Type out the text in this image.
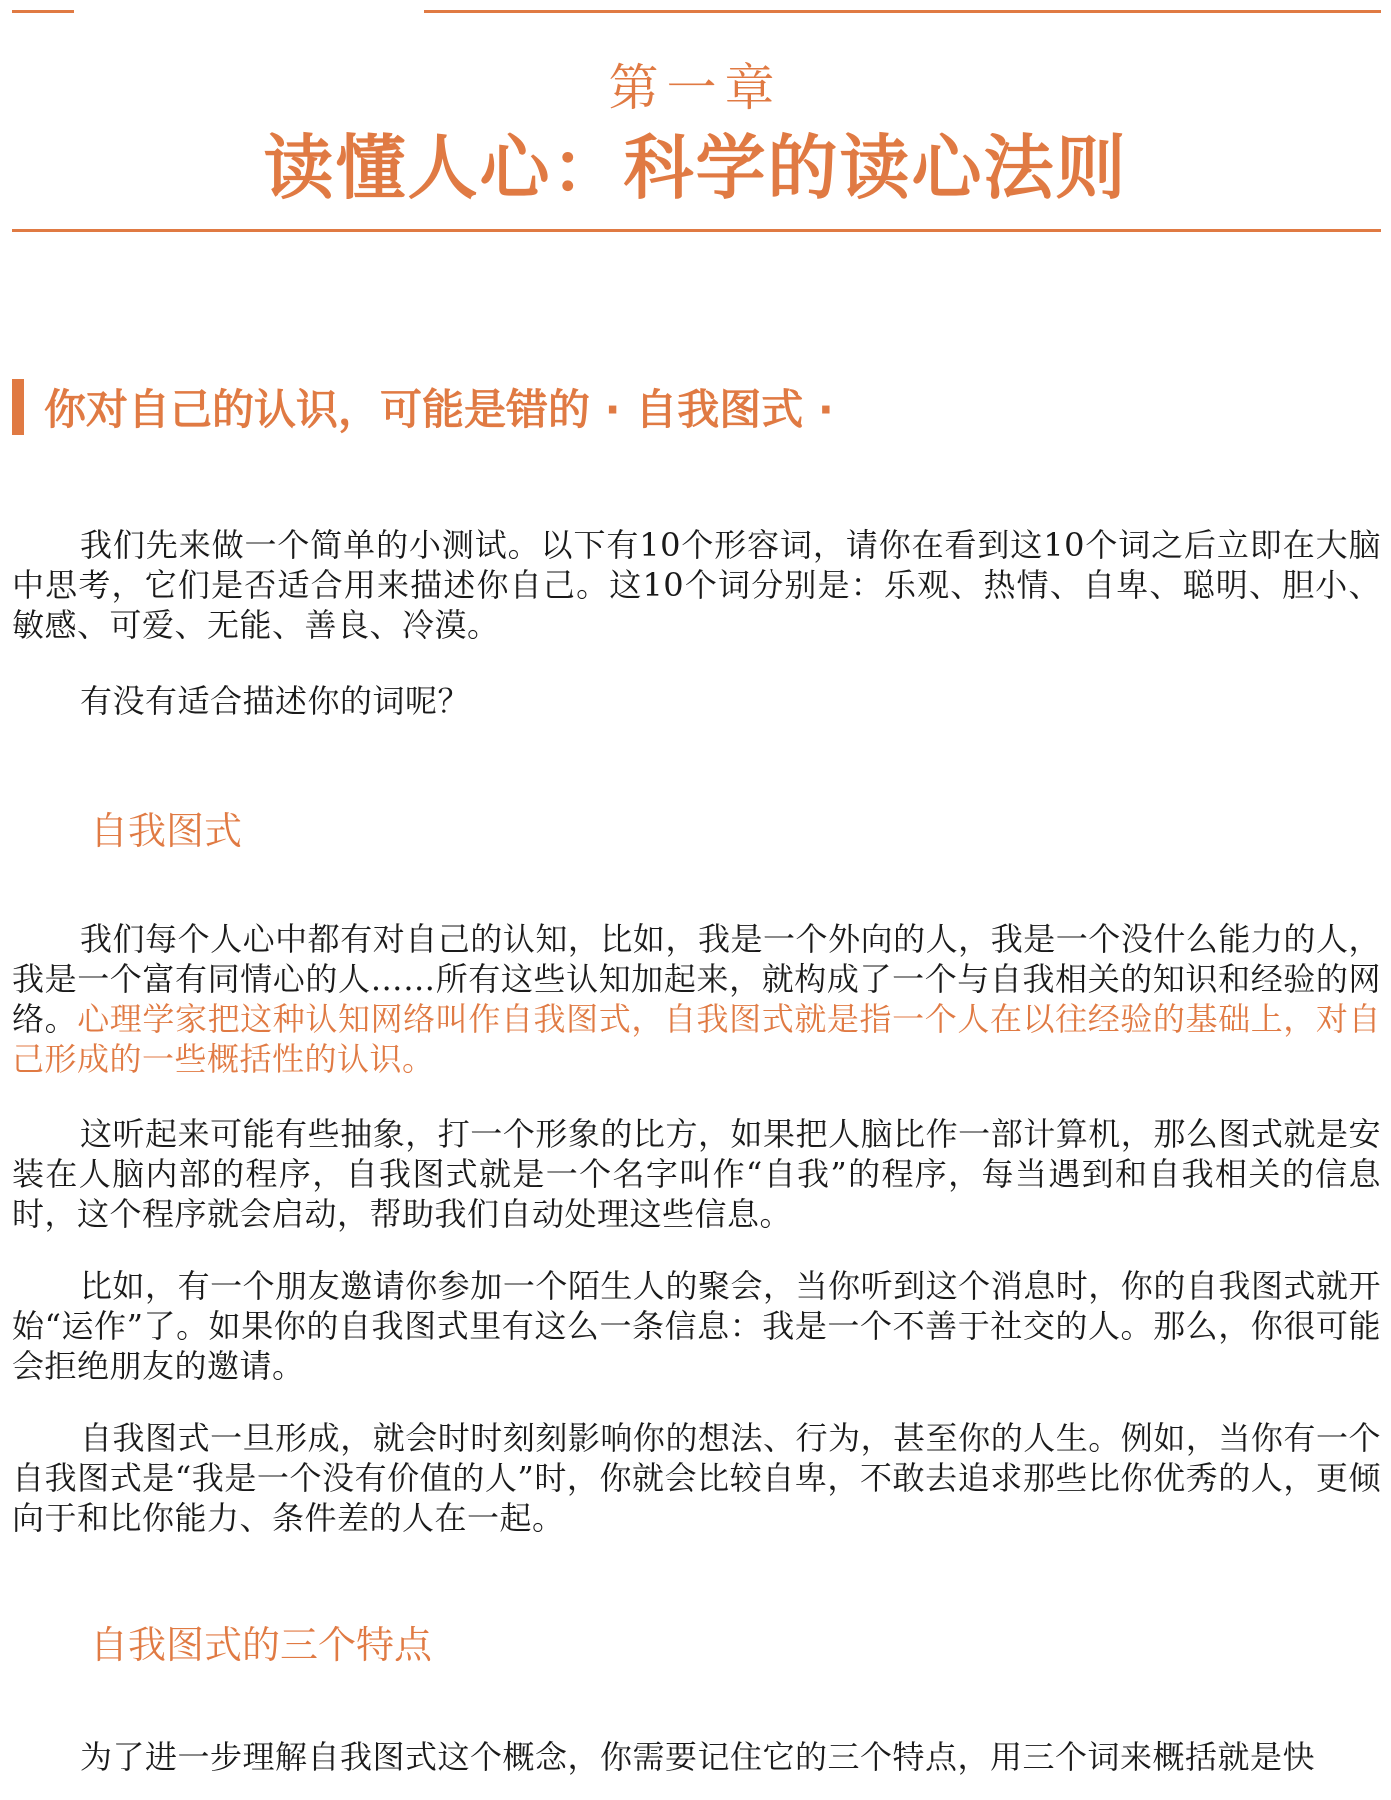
第一章
读懂人心：科学的读心法则
你对自己的认识，可能是错的 · 自我图式 ·

我们先来做一个简单的小测试。以下有10个形容词，请你在看到这10个词之后立即在大脑中思考，它们是否适合用来描述你自己。这10个词分别是：乐观、热情、自卑、聪明、胆小、敏感、可爱、无能、善良、冷漠。

有没有适合描述你的词呢？

自我图式

我们每个人心中都有对自己的认知，比如，我是一个外向的人，我是一个没什么能力的人，我是一个富有同情心的人……所有这些认知加起来，就构成了一个与自我相关的知识和经验的网络。心理学家把这种认知网络叫作自我图式，自我图式就是指一个人在以往经验的基础上，对自己形成的一些概括性的认识。

这听起来可能有些抽象，打一个形象的比方，如果把人脑比作一部计算机，那么图式就是安装在人脑内部的程序，自我图式就是一个名字叫作“自我”的程序，每当遇到和自我相关的信息时，这个程序就会启动，帮助我们自动处理这些信息。

比如，有一个朋友邀请你参加一个陌生人的聚会，当你听到这个消息时，你的自我图式就开始“运作”了。如果你的自我图式里有这么一条信息：我是一个不善于社交的人。那么，你很可能会拒绝朋友的邀请。

自我图式一旦形成，就会时时刻刻影响你的想法、行为，甚至你的人生。例如，当你有一个自我图式是“我是一个没有价值的人”时，你就会比较自卑，不敢去追求那些比你优秀的人，更倾向于和比你能力、条件差的人在一起。

自我图式的三个特点

为了进一步理解自我图式这个概念，你需要记住它的三个特点，用三个词来概括就是快
